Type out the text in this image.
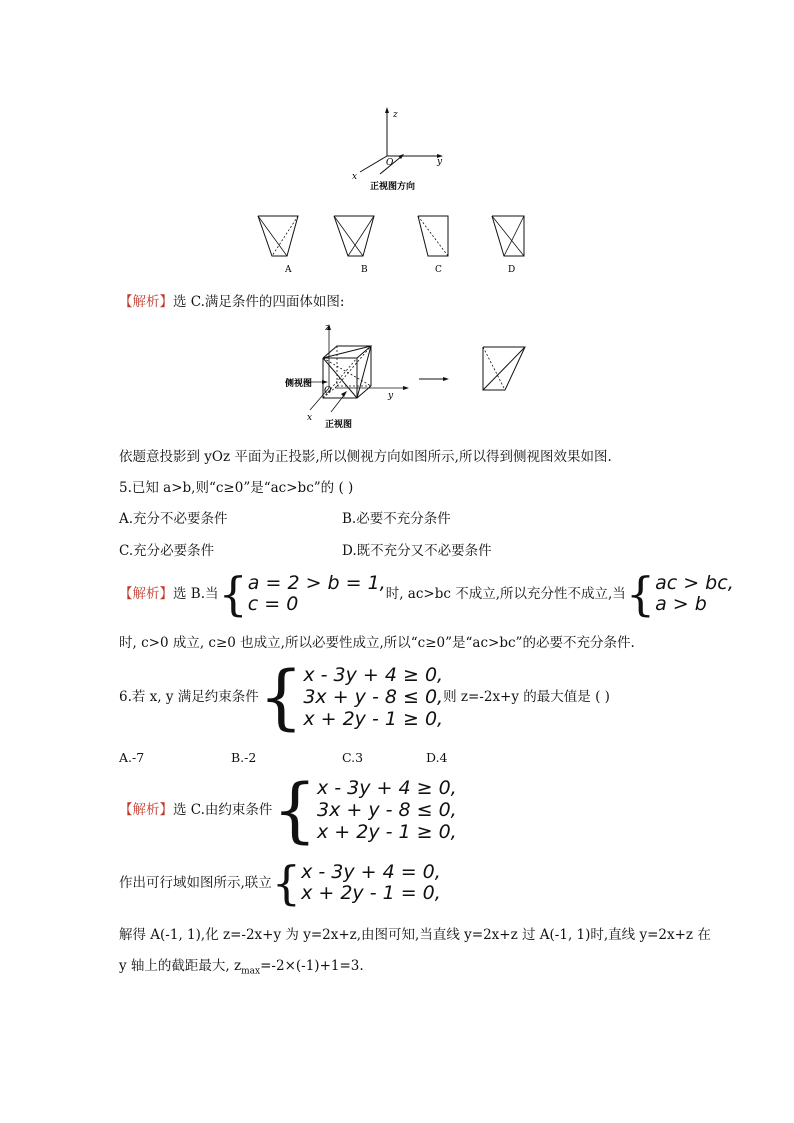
z
y
x
O
正视图方向
A	B	C	D
【解析】选 C.满足条件的四面体如图:
z
y
x
O
侧视图
正视图
依题意投影到 yOz 平面为正投影,所以侧视方向如图所示,所以得到侧视图效果如图.
5.已知 a>b,则“c≥0”是“ac>bc”的 ( )
A.充分不必要条件	B.必要不充分条件
C.充分必要条件	D.既不充分又不必要条件
【解析】 选 B.当 { a = 2 > b = 1,
c = 0	时, ac>bc 不成立,所以充分性不成立,当 { ac > bc,
a > b
时, c>0 成立, c≥0 也成立,所以必要性成立,所以“c≥0”是“ac>bc”的必要不充分条件.
6.若 x, y 满足约束条件 { x - 3y + 4 ≥ 0,
3x + y - 8 ≤ 0,
x + 2y - 1 ≥ 0,
则 z=-2x+y 的最大值是 ( )
A.-7	B.-2	C.3	D.4
【解析】 选 C.由约束条件 { x - 3y + 4 ≥ 0,
3x + y - 8 ≤ 0,
x + 2y - 1 ≥ 0,
作出可行域如图所示,联立 { x - 3y + 4 = 0,
x + 2y - 1 = 0,
解得 A(-1, 1),化 z=-2x+y 为 y=2x+z,由图可知,当直线 y=2x+z 过 A(-1, 1)时,直线 y=2x+z 在
y 轴上的截距最大, $z_{max}=-2\times(-1)+1=3$.
